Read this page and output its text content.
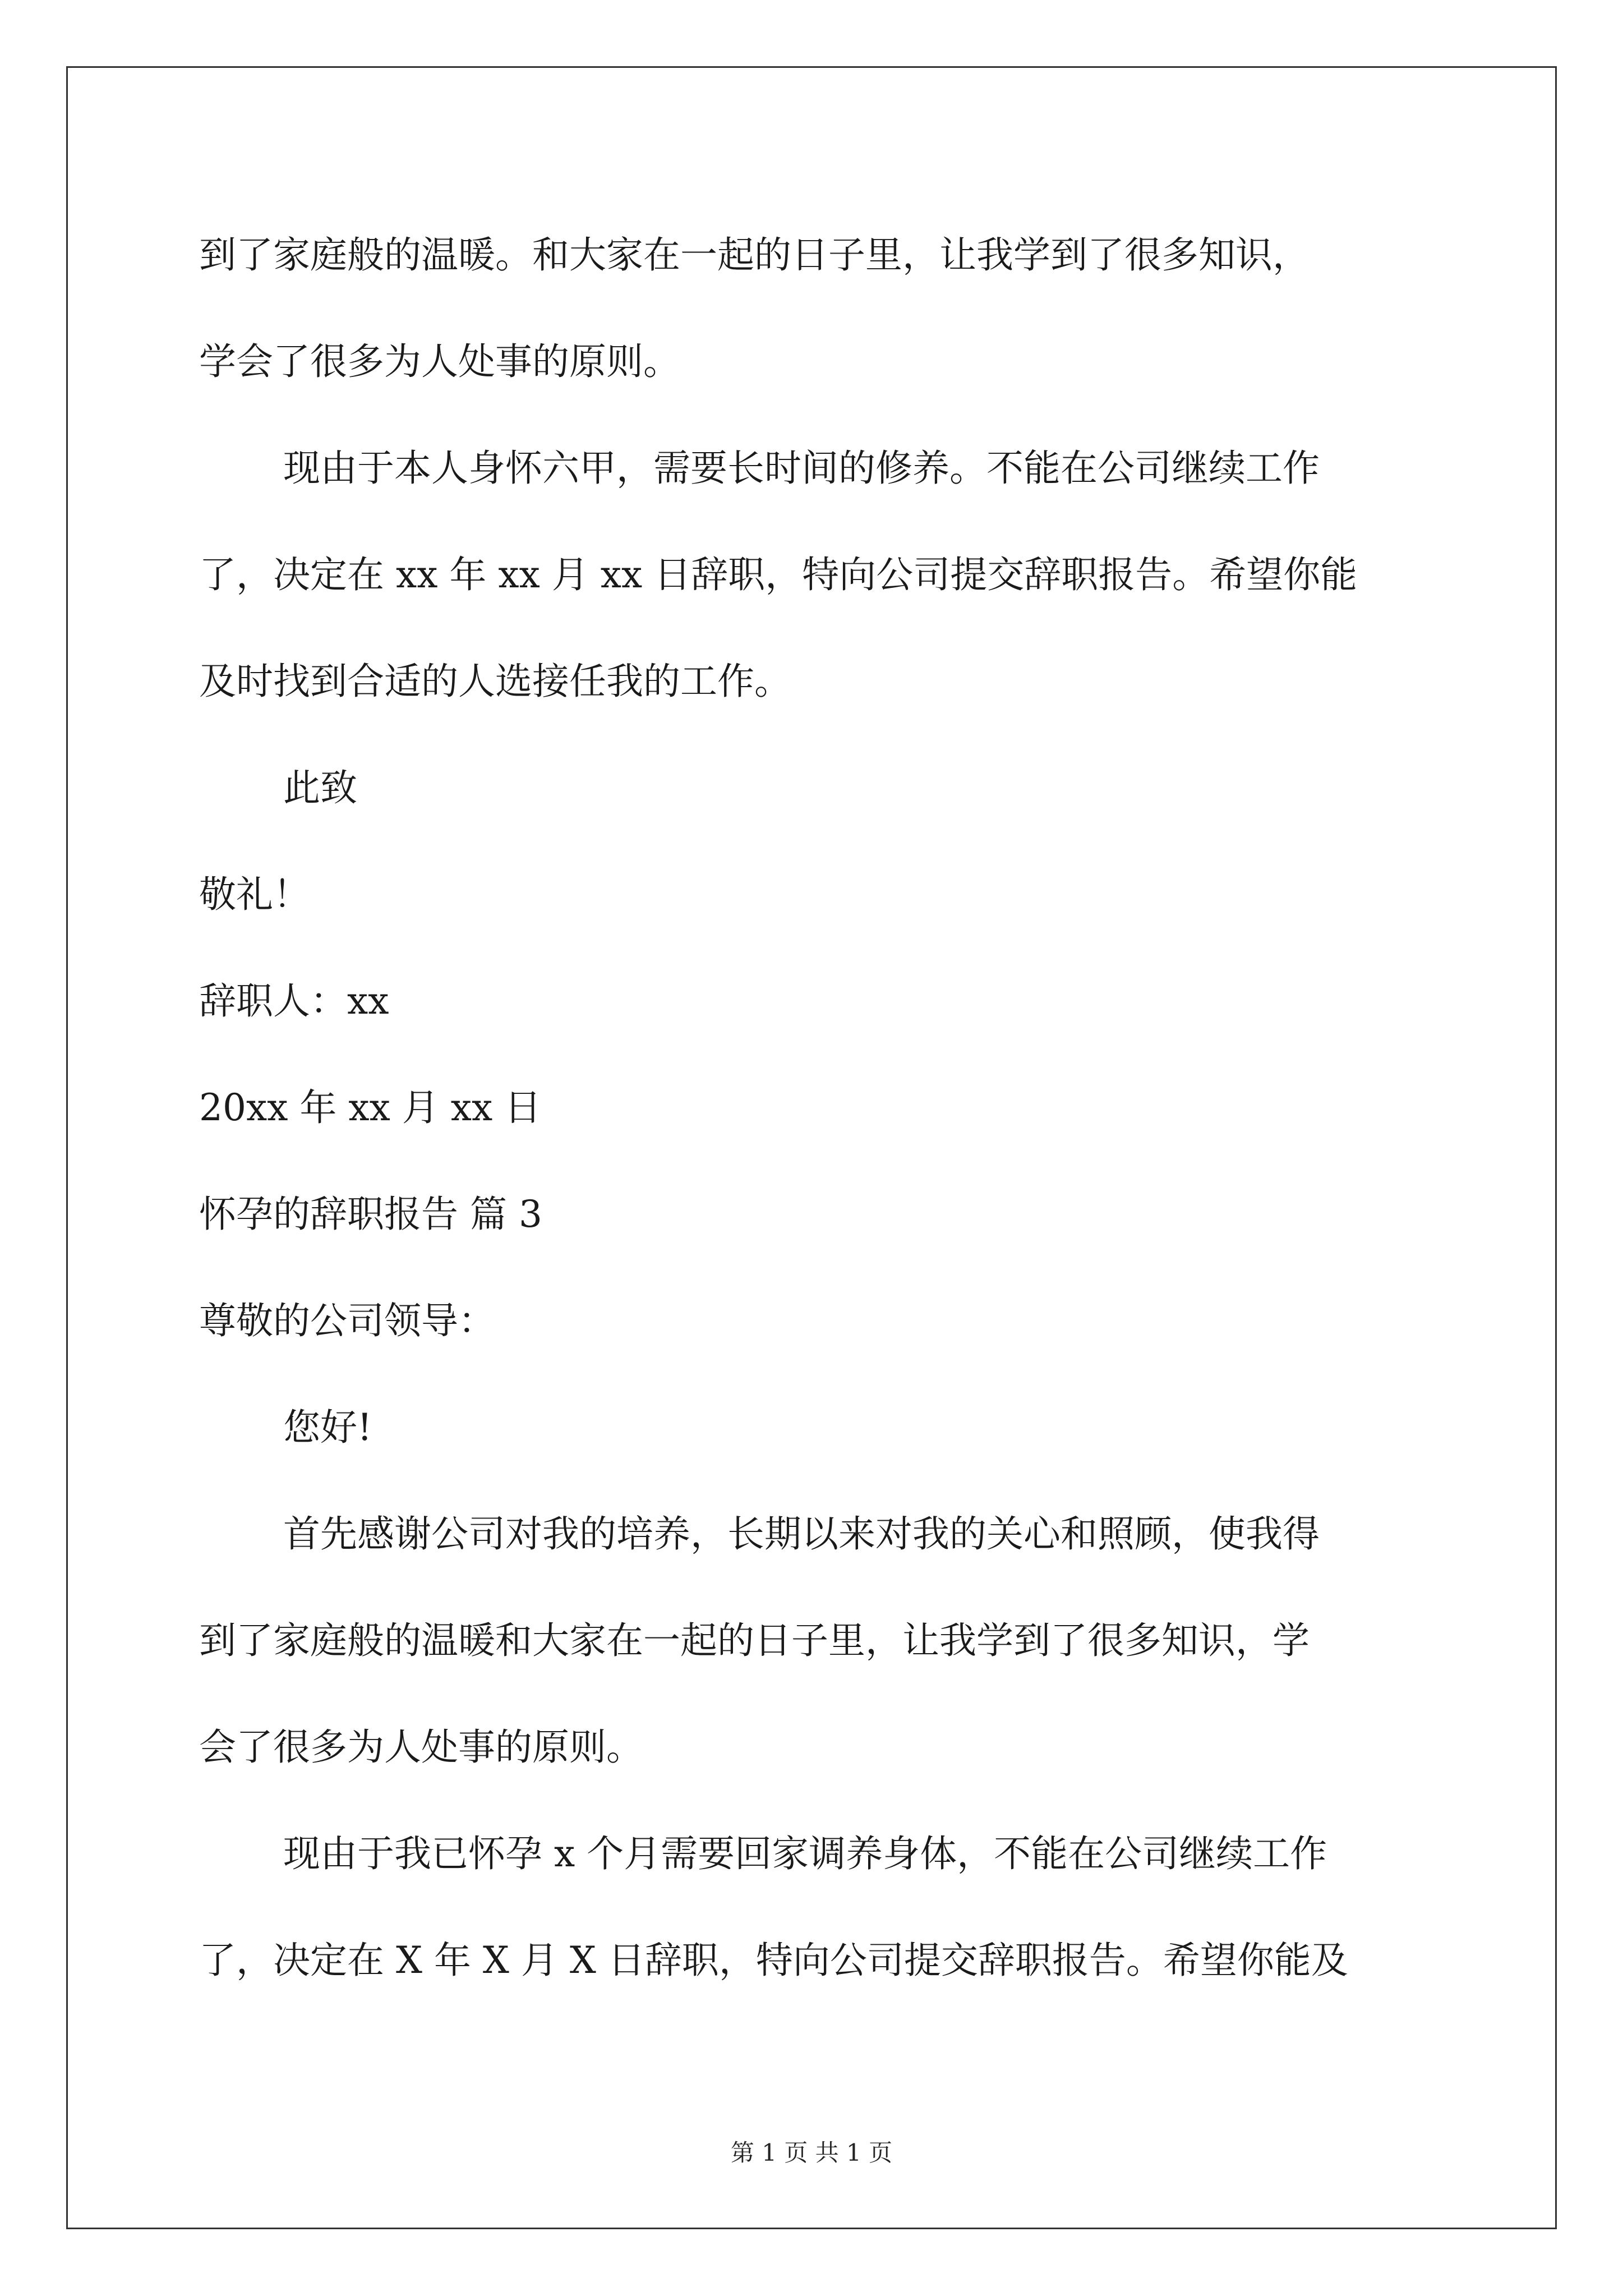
到了家庭般的温暖。和大家在一起的日子里，让我学到了很多知识，
学会了很多为人处事的原则。
现由于本人身怀六甲，需要长时间的修养。不能在公司继续工作
了，决定在 xx 年 xx 月 xx 日辞职，特向公司提交辞职报告。希望你能
及时找到合适的人选接任我的工作。
此致
敬礼！
辞职人：xx
20xx 年 xx 月 xx 日
怀孕的辞职报告 篇 3
尊敬的公司领导：
您好!
首先感谢公司对我的培养，长期以来对我的关心和照顾，使我得
到了家庭般的温暖和大家在一起的日子里，让我学到了很多知识，学
会了很多为人处事的原则。
现由于我已怀孕 x 个月需要回家调养身体，不能在公司继续工作
了，决定在 X 年 X 月 X 日辞职，特向公司提交辞职报告。希望你能及
第 1 页 共 1 页
